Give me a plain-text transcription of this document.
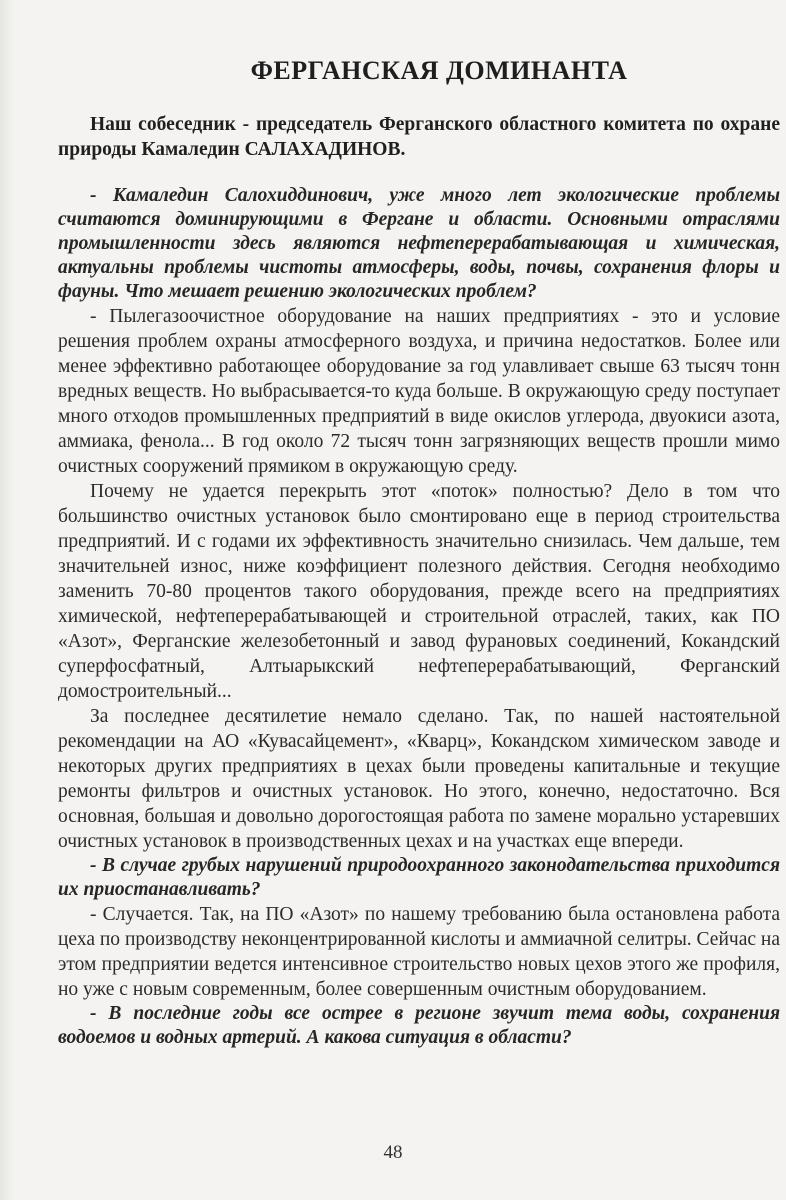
ФЕРГАНСКАЯ ДОМИНАНТА

Наш собеседник - председатель Ферганского областного комитета по охране природы Камаледин САЛАХАДИНОВ.

- Камаледин Салохиддинович, уже много лет экологические проблемы считаются доминирующими в Фергане и области. Основными отраслями промышленности здесь являются нефтеперерабатывающая и химическая, актуальны проблемы чистоты атмосферы, воды, почвы, сохранения флоры и фауны. Что мешает решению экологических проблем?

- Пылегазоочистное оборудование на наших предприятиях - это и условие решения проблем охраны атмосферного воздуха, и причина недостатков. Более или менее эффективно работающее оборудование за год улавливает свыше 63 тысяч тонн вредных веществ. Но выбрасывается-то куда больше. В окружающую среду поступает много отходов промышленных предприятий в виде окислов углерода, двуокиси азота, аммиака, фенола... В год около 72 тысяч тонн загрязняющих веществ прошли мимо очистных сооружений прямиком в окружающую среду.

Почему не удается перекрыть этот «поток» полностью? Дело в том что большинство очистных установок было смонтировано еще в период строительства предприятий. И с годами их эффективность значительно снизилась. Чем дальше, тем значительней износ, ниже коэффициент полезного действия. Сегодня необходимо заменить 70-80 процентов такого оборудования, прежде всего на предприятиях химической, нефтеперерабатывающей и строительной отраслей, таких, как ПО «Азот», Ферганские железобетонный и завод фурановых соединений, Кокандский суперфосфатный, Алтыарыкский нефтеперерабатывающий, Ферганский домостроительный...

За последнее десятилетие немало сделано. Так, по нашей настоятельной рекомендации на АО «Кувасайцемент», «Кварц», Кокандском химическом заводе и некоторых других предприятиях в цехах были проведены капитальные и текущие ремонты фильтров и очистных установок. Но этого, конечно, недостаточно. Вся основная, большая и довольно дорогостоящая работа по замене морально устаревших очистных установок в производственных цехах и на участках еще впереди.

- В случае грубых нарушений природоохранного законодательства приходится их приостанавливать?

- Случается. Так, на ПО «Азот» по нашему требованию была остановлена работа цеха по производству неконцентрированной кислоты и аммиачной селитры. Сейчас на этом предприятии ведется интенсивное строительство новых цехов этого же профиля, но уже с новым современным, более совершенным очистным оборудованием.

- В последние годы все острее в регионе звучит тема воды, сохранения водоемов и водных артерий. А какова ситуация в области?

48
